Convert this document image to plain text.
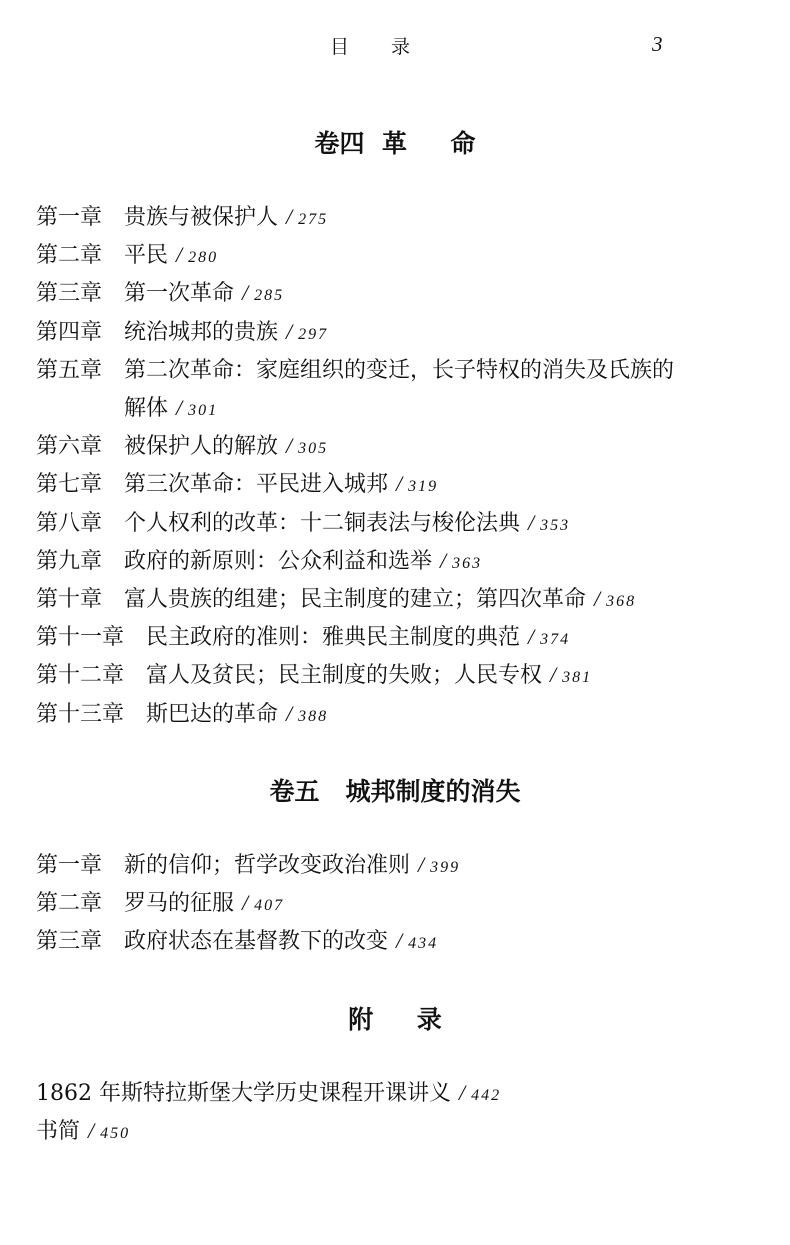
目 录	3
卷四  革     命
第一章 贵族与被保护人 / 275
第二章 平民 / 280
第三章 第一次革命 / 285
第四章 统治城邦的贵族 / 297
第五章 第二次革命：家庭组织的变迁，长子特权的消失及氏族的
解体 / 301
第六章 被保护人的解放 / 305
第七章 第三次革命：平民进入城邦 / 319
第八章 个人权利的改革：十二铜表法与梭伦法典 / 353
第九章 政府的新原则：公众利益和选举 / 363
第十章 富人贵族的组建；民主制度的建立；第四次革命 / 368
第十一章 民主政府的准则：雅典民主制度的典范 / 374
第十二章 富人及贫民；民主制度的失败；人民专权 / 381
第十三章 斯巴达的革命 / 388
卷五   城邦制度的消失
第一章 新的信仰；哲学改变政治准则 / 399
第二章 罗马的征服 / 407
第三章 政府状态在基督教下的改变 / 434
附     录
1862 年斯特拉斯堡大学历史课程开课讲义 / 442
书简 / 450
